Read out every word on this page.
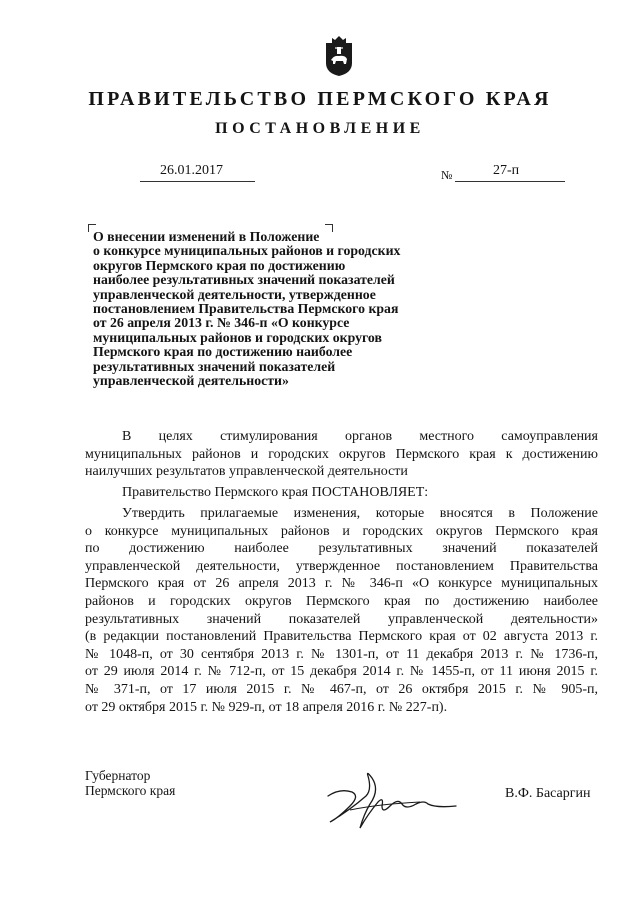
ПРАВИТЕЛЬСТВО ПЕРМСКОГО КРАЯ
ПОСТАНОВЛЕНИЕ
26.01.2017	№	27-п
О внесении изменений в Положение
о конкурсе муниципальных районов и городских
округов Пермского края по достижению
наиболее результативных значений показателей
управленческой деятельности, утвержденное
постановлением Правительства Пермского края
от 26 апреля 2013 г. № 346-п «О конкурсе
муниципальных районов и городских округов
Пермского края по достижению наиболее
результативных значений показателей
управленческой деятельности»
В целях стимулирования органов местного самоуправления
муниципальных районов и городских округов Пермского края к достижению
наилучших результатов управленческой деятельности
Правительство Пермского края ПОСТАНОВЛЯЕТ:
Утвердить прилагаемые изменения, которые вносятся в Положение
о конкурсе муниципальных районов и городских округов Пермского края
по достижению наиболее результативных значений показателей
управленческой деятельности, утвержденное постановлением Правительства
Пермского края от 26 апреля 2013 г. № 346-п «О конкурсе муниципальных
районов и городских округов Пермского края по достижению наиболее
результативных значений показателей управленческой деятельности»
(в редакции постановлений Правительства Пермского края от 02 августа 2013 г.
№ 1048-п, от 30 сентября 2013 г. № 1301-п, от 11 декабря 2013 г. № 1736-п,
от 29 июля 2014 г. № 712-п, от 15 декабря 2014 г. № 1455-п, от 11 июня 2015 г.
№ 371-п, от 17 июля 2015 г. № 467-п, от 26 октября 2015 г. № 905-п,
от 29 октября 2015 г. № 929-п, от 18 апреля 2016 г. № 227-п).
Губернатор
Пермского края	В.Ф. Басаргин
